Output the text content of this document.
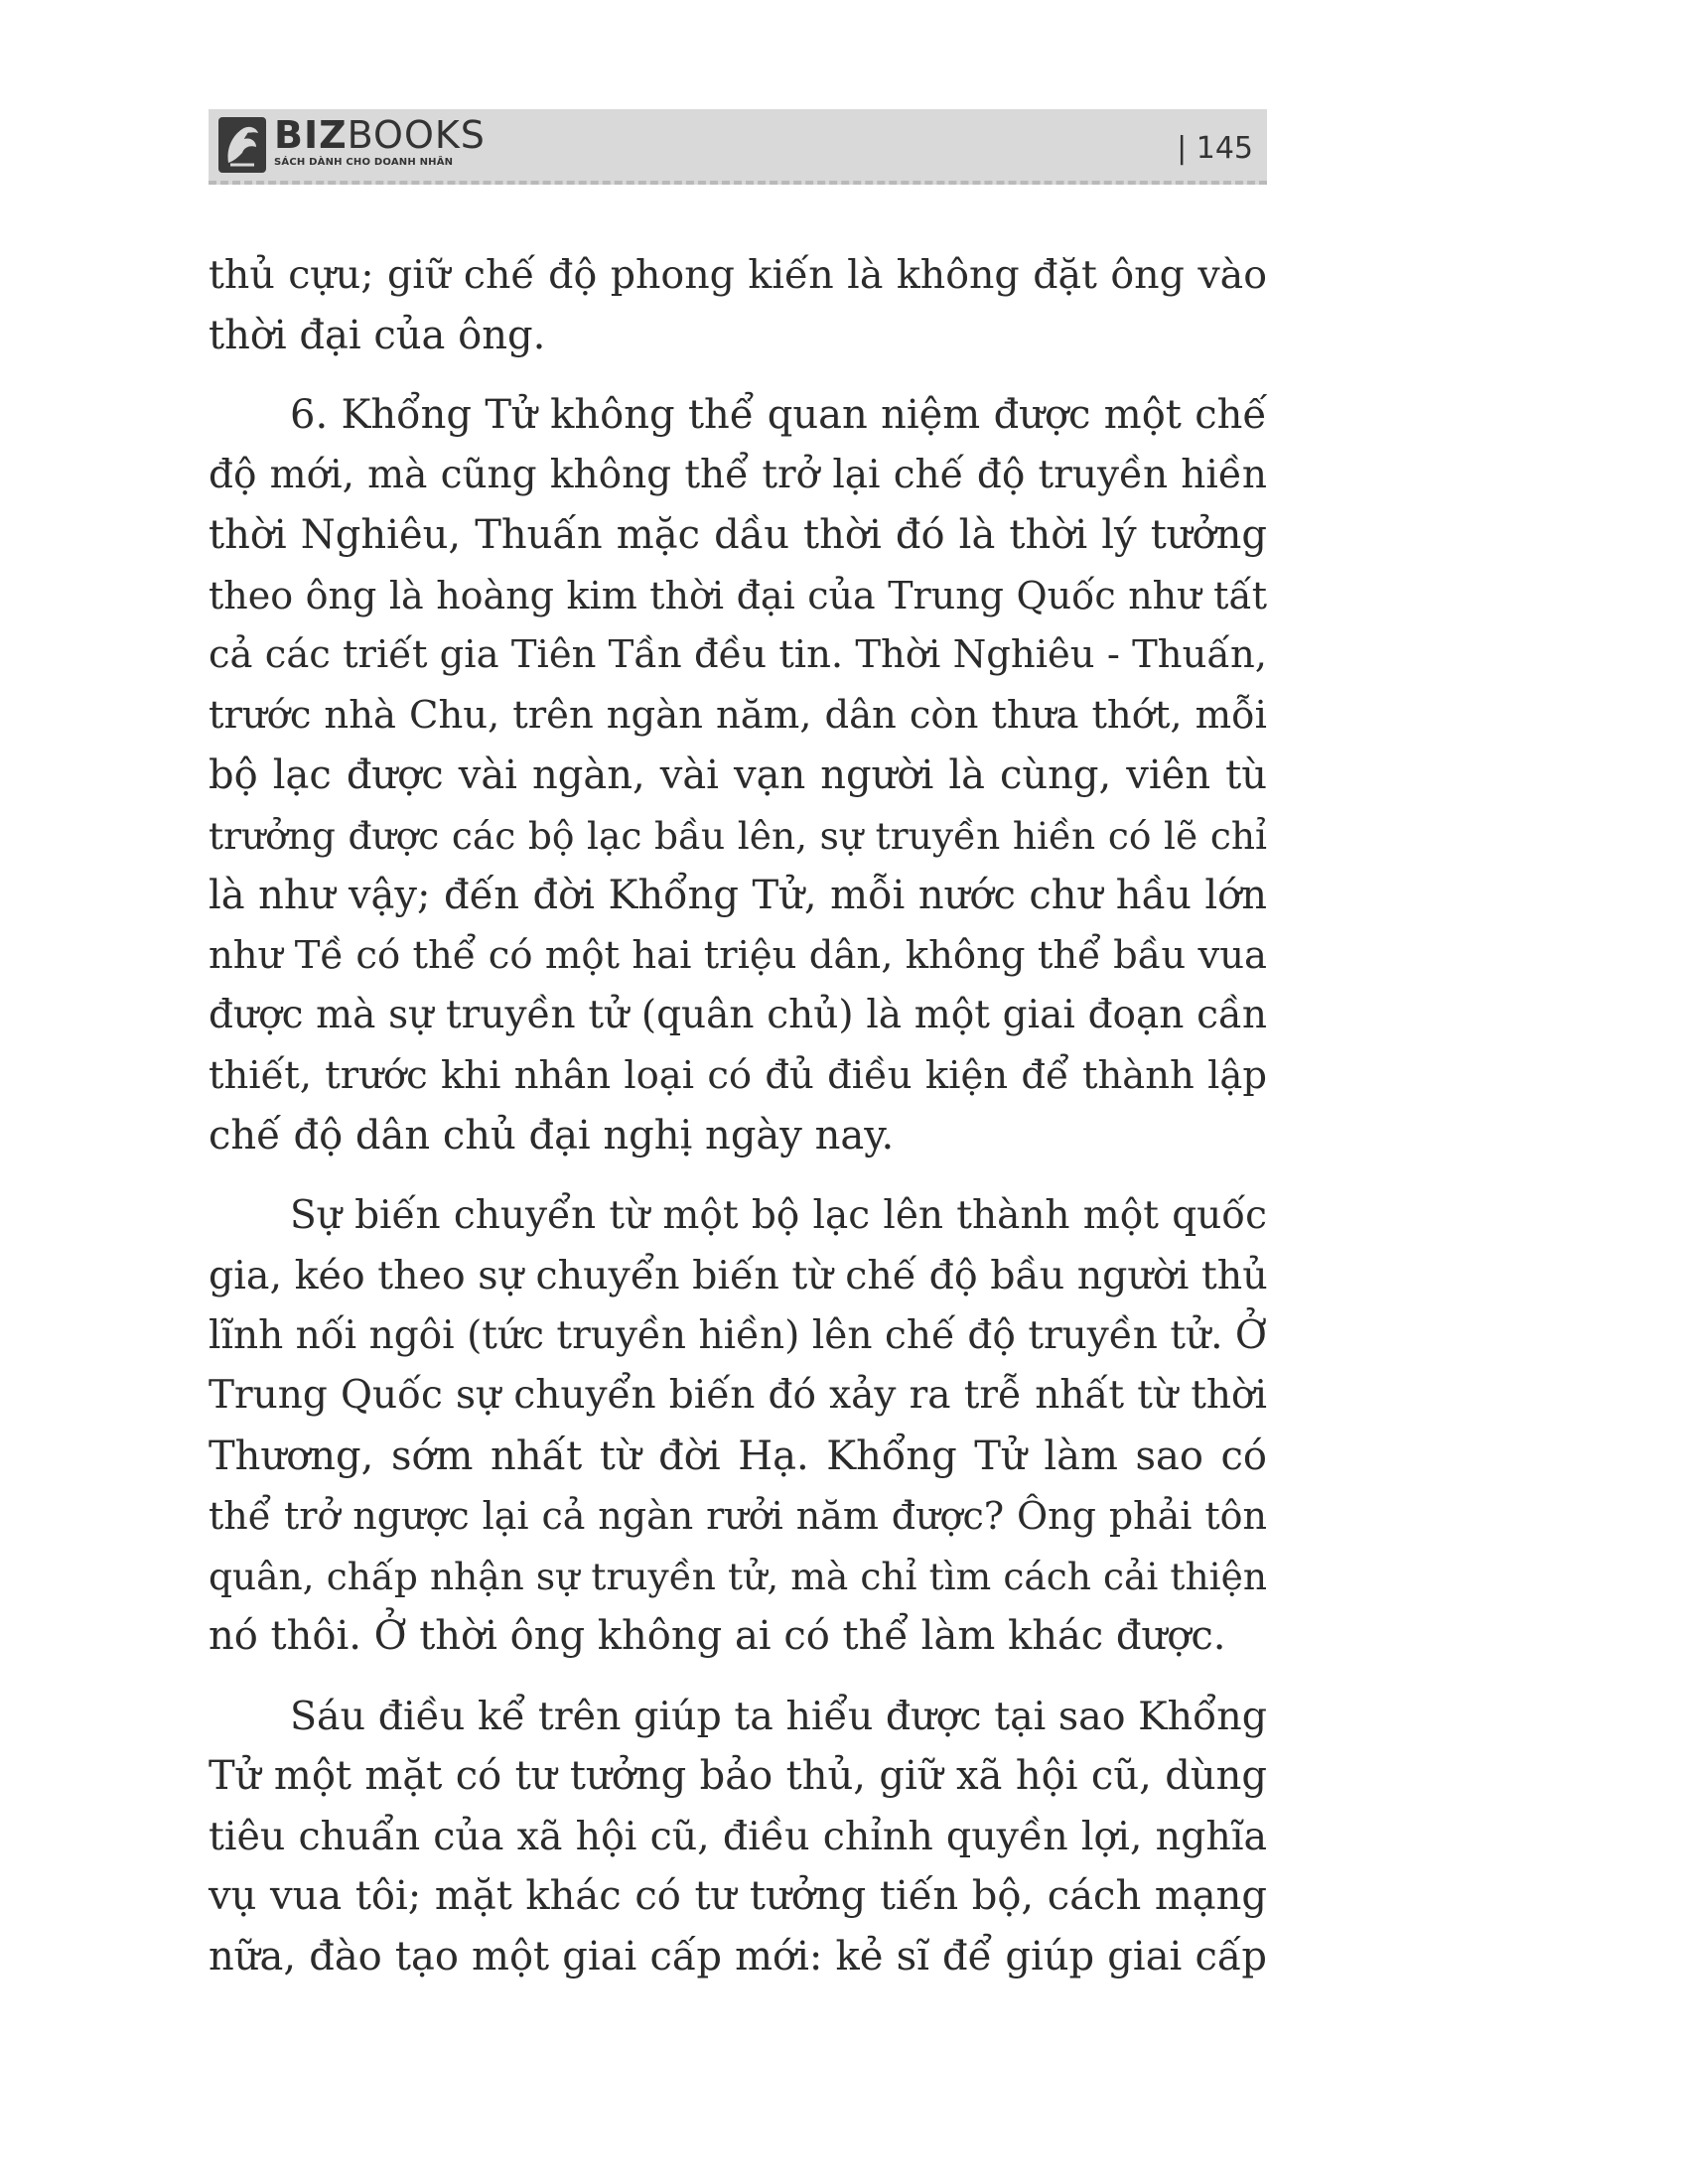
BIZBOOKS
SÁCH DÀNH CHO DOANH NHÂN	| 145

thủ cựu; giữ chế độ phong kiến là không đặt ông vào
thời đại của ông.

6. Khổng Tử không thể quan niệm được một chế
độ mới, mà cũng không thể trở lại chế độ truyền hiền
thời Nghiêu, Thuấn mặc dầu thời đó là thời lý tưởng
theo ông là hoàng kim thời đại của Trung Quốc như tất
cả các triết gia Tiên Tần đều tin. Thời Nghiêu - Thuấn,
trước nhà Chu, trên ngàn năm, dân còn thưa thớt, mỗi
bộ lạc được vài ngàn, vài vạn người là cùng, viên tù
trưởng được các bộ lạc bầu lên, sự truyền hiền có lẽ chỉ
là như vậy; đến đời Khổng Tử, mỗi nước chư hầu lớn
như Tề có thể có một hai triệu dân, không thể bầu vua
được mà sự truyền tử (quân chủ) là một giai đoạn cần
thiết, trước khi nhân loại có đủ điều kiện để thành lập
chế độ dân chủ đại nghị ngày nay.

Sự biến chuyển từ một bộ lạc lên thành một quốc
gia, kéo theo sự chuyển biến từ chế độ bầu người thủ
lĩnh nối ngôi (tức truyền hiền) lên chế độ truyền tử. Ở
Trung Quốc sự chuyển biến đó xảy ra trễ nhất từ thời
Thương, sớm nhất từ đời Hạ. Khổng Tử làm sao có
thể trở ngược lại cả ngàn rưởi năm được? Ông phải tôn
quân, chấp nhận sự truyền tử, mà chỉ tìm cách cải thiện
nó thôi. Ở thời ông không ai có thể làm khác được.

Sáu điều kể trên giúp ta hiểu được tại sao Khổng
Tử một mặt có tư tưởng bảo thủ, giữ xã hội cũ, dùng
tiêu chuẩn của xã hội cũ, điều chỉnh quyền lợi, nghĩa
vụ vua tôi; mặt khác có tư tưởng tiến bộ, cách mạng
nữa, đào tạo một giai cấp mới: kẻ sĩ để giúp giai cấp
